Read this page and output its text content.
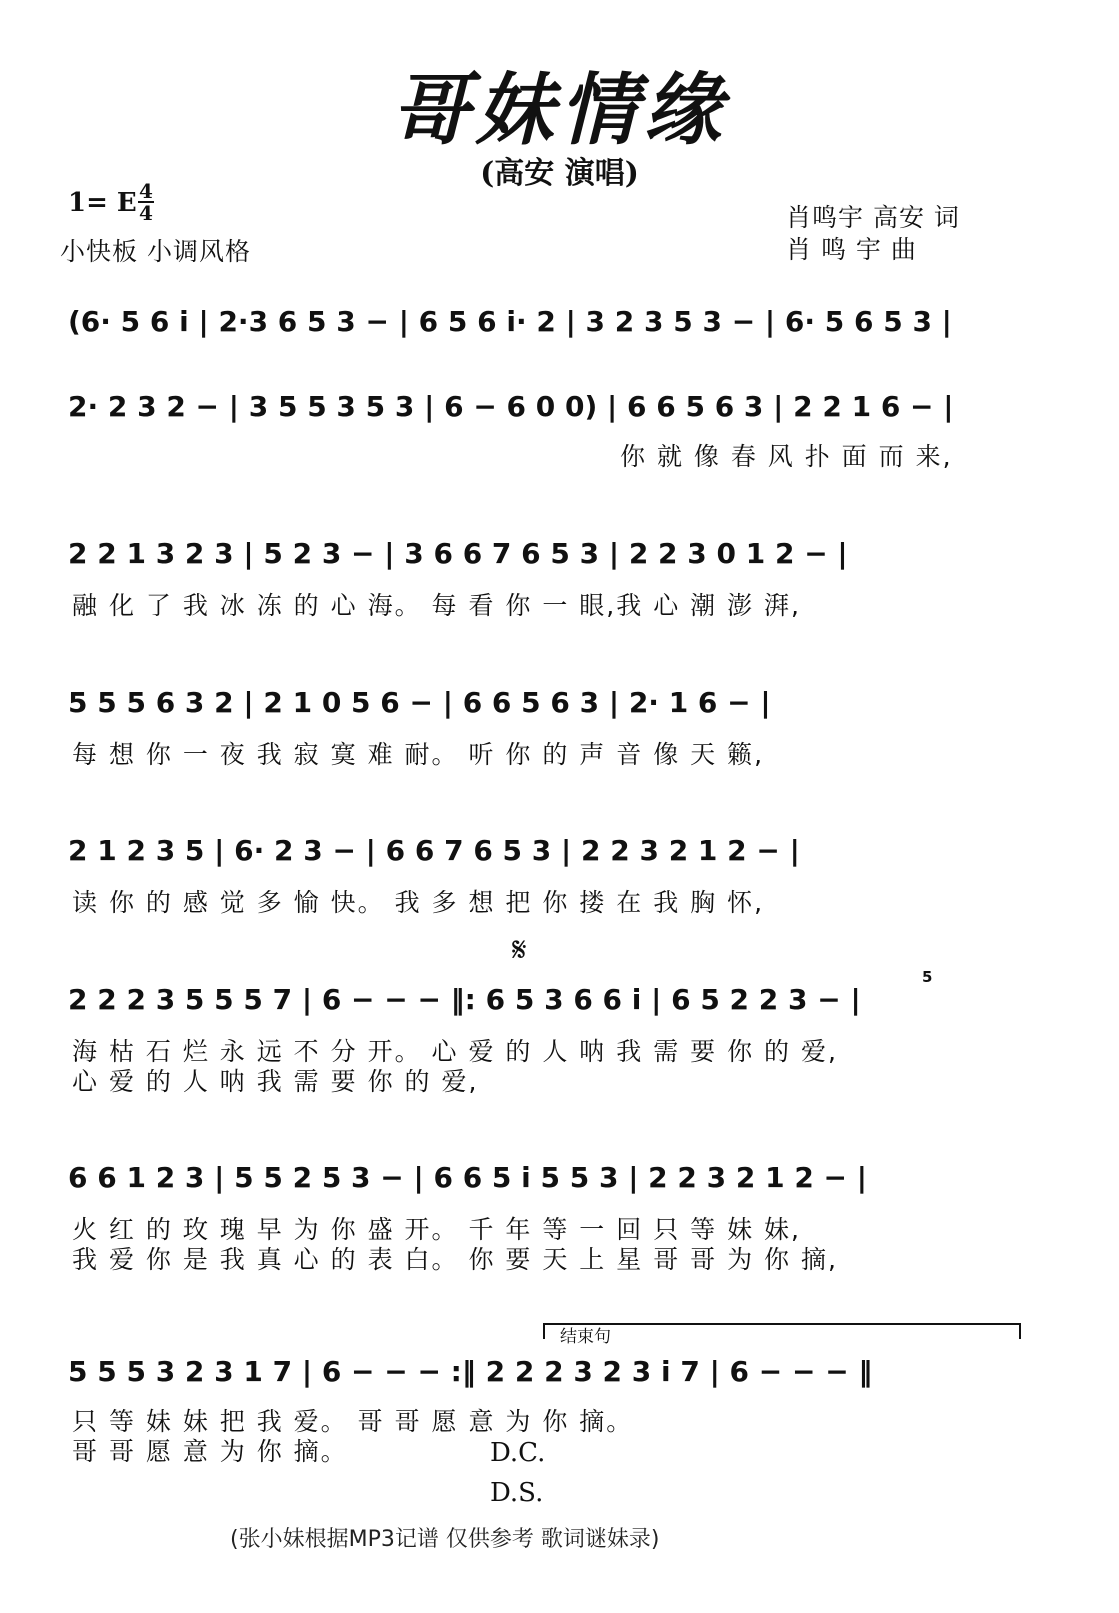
哥妹情缘
(高安 演唱)
1= E 4
4
小快板 小调风格
肖鸣宇 高安 词
肖 鸣 宇 曲
(6· 5 6 i | 2·3 6 5 3 − | 6 5 6 i· 2 | 3 2 3 5 3 − | 6· 5 6 5 3 |
2· 2 3 2 − | 3 5 5 3 5 3 | 6 − 6 0 0) | 6 6 5 6 3 | 2 2 1 6 − |
你 就 像 春 风 扑 面 而 来,
2 2 1 3 2 3 | 5 2 3 − | 3 6 6 7 6 5 3 | 2 2 3 0 1 2 − |
融 化 了 我 冰 冻 的 心 海。 每 看 你 一 眼,我 心 潮 澎 湃,
5 5 5 6 3 2 | 2 1 0 5 6 − | 6 6 5 6 3 | 2· 1 6 − |
每 想 你 一 夜 我 寂 寞 难 耐。 听 你 的 声 音 像 天 籁,
2 1 2 3 5 | 6· 2 3 − | 6 6 7 6 5 3 | 2 2 3 2 1 2 − |
读 你 的 感 觉 多 愉 快。 我 多 想 把 你 搂 在 我 胸 怀,
𝄋
2 2 2 3 5 5 5 7 | 6 − − − ‖: 6 5 3 6 6 i | 6 5 2 2 3 − |
5
海 枯 石 烂 永 远 不 分 开。 心 爱 的 人 呐 我 需 要 你 的 爱,
心 爱 的 人 呐 我 需 要 你 的 爱,
6 6 1 2 3 | 5 5 2 5 3 − | 6 6 5 i 5 5 3 | 2 2 3 2 1 2 − |
火 红 的 玫 瑰 早 为 你 盛 开。 千 年 等 一 回 只 等 妹 妹,
我 爱 你 是 我 真 心 的 表 白。 你 要 天 上 星 哥 哥 为 你 摘,
结束句
5 5 5 3 2 3 1 7 | 6 − − − :‖ 2 2 2 3 2 3 i 7 | 6 − − − ‖
只 等 妹 妹 把 我 爱。 哥 哥 愿 意 为 你 摘。
哥 哥 愿 意 为 你 摘。	D.C.
D.S.
(张小妹根据MP3记谱 仅供参考 歌词谜妹录)
